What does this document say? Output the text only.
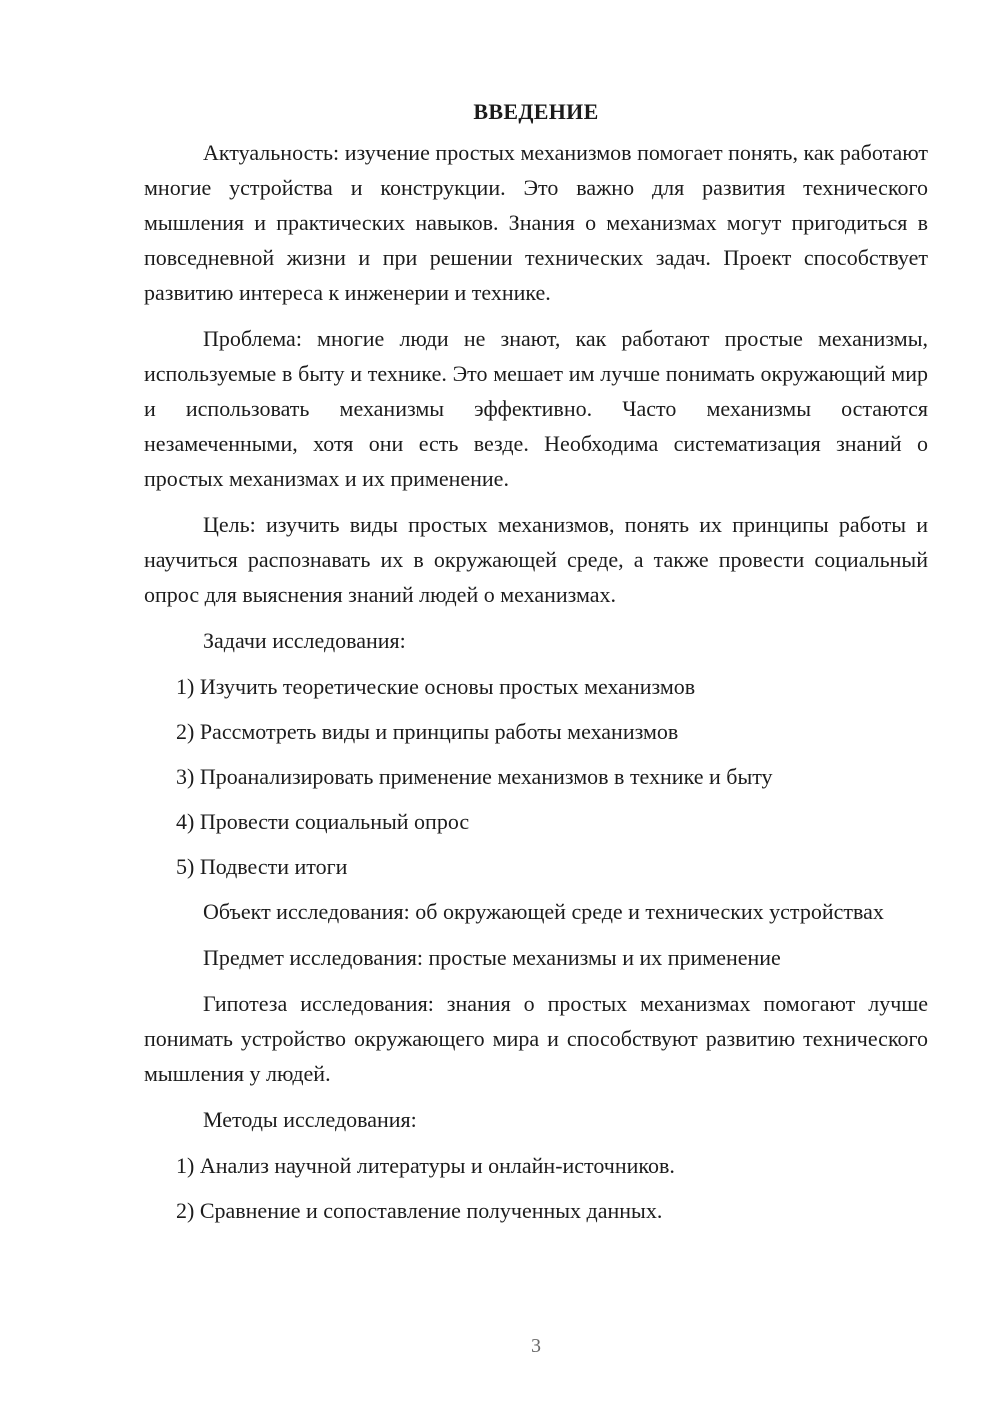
ВВЕДЕНИЕ

Актуальность: изучение простых механизмов помогает понять, как работают многие устройства и конструкции. Это важно для развития технического мышления и практических навыков. Знания о механизмах могут пригодиться в повседневной жизни и при решении технических задач. Проект способствует развитию интереса к инженерии и технике.

Проблема: многие люди не знают, как работают простые механизмы, используемые в быту и технике. Это мешает им лучше понимать окружающий мир и использовать механизмы эффективно. Часто механизмы остаются незамеченными, хотя они есть везде. Необходима систематизация знаний о простых механизмах и их применение.

Цель: изучить виды простых механизмов, понять их принципы работы и научиться распознавать их в окружающей среде, а также провести социальный опрос для выяснения знаний людей о механизмах.

Задачи исследования:

1) Изучить теоретические основы простых механизмов
2) Рассмотреть виды и принципы работы механизмов
3) Проанализировать применение механизмов в технике и быту
4) Провести социальный опрос
5) Подвести итоги

Объект исследования: об окружающей среде и технических устройствах

Предмет исследования: простые механизмы и их применение

Гипотеза исследования: знания о простых механизмах помогают лучше понимать устройство окружающего мира и способствуют развитию технического мышления у людей.

Методы исследования:

1) Анализ научной литературы и онлайн-источников.
2) Сравнение и сопоставление полученных данных.
3
